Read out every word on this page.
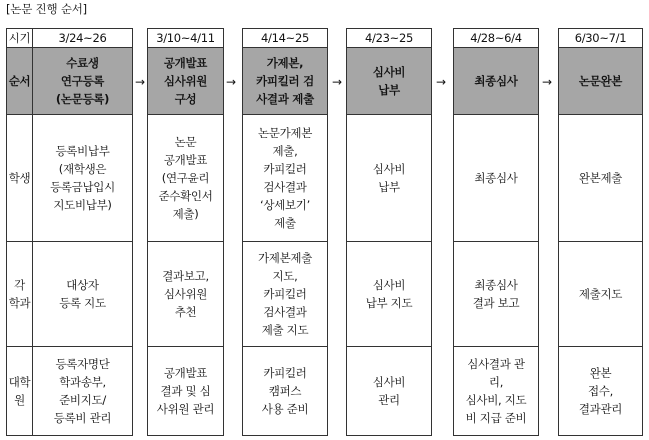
[논문 진행 순서]
시기
순서
학생
각
학과
대학
원
3/24~26
수료생
연구등록
(논문등록)
등록비납부
(재학생은
등록금납입시
지도비납부)
대상자
등록 지도
등록자명단
학과송부,
준비지도/
등록비 관리
→
3/10~4/11
공개발표
심사위원
구성
논문
공개발표
(연구윤리
준수확인서
제출)
결과보고,
심사위원
추천
공개발표
결과 및 심
사위원 관리
→
4/14~25
가제본,
카피킬러 검
사결과 제출
논문가제본
제출,
카피킬러
검사결과
‘상세보기’
제출
가제본제출
지도,
카피킬러
검사결과
제출 지도
카피킬러
캠퍼스
사용 준비
→
4/23~25
심사비
납부
심사비
납부
심사비
납부 지도
심사비
관리
→
4/28~6/4
최종심사
최종심사
최종심사
결과 보고
심사결과 관
리,
심사비, 지도
비 지급 준비
→
6/30~7/1
논문완본
완본제출
제출지도
완본
접수,
결과관리
